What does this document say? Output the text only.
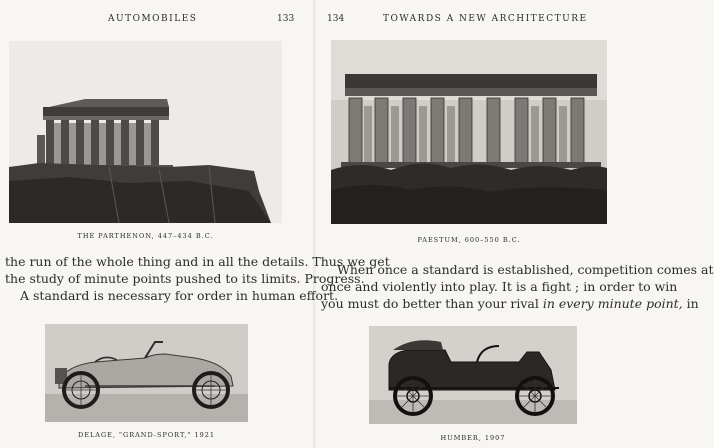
AUTOMOBILES	133
THE PARTHENON, 447–434 B.C.
the run of the whole thing and in all the details. Thus we get
the study of minute points pushed to its limits. Progress.
A standard is necessary for order in human effort.
DELAGE, "GRAND-SPORT," 1921
134	TOWARDS A NEW ARCHITECTURE
PAESTUM, 600–550 B.C.
When once a standard is established, competition comes at
once and violently into play. It is a fight ; in order to win
you must do better than your rival in every minute point, in
HUMBER, 1907
